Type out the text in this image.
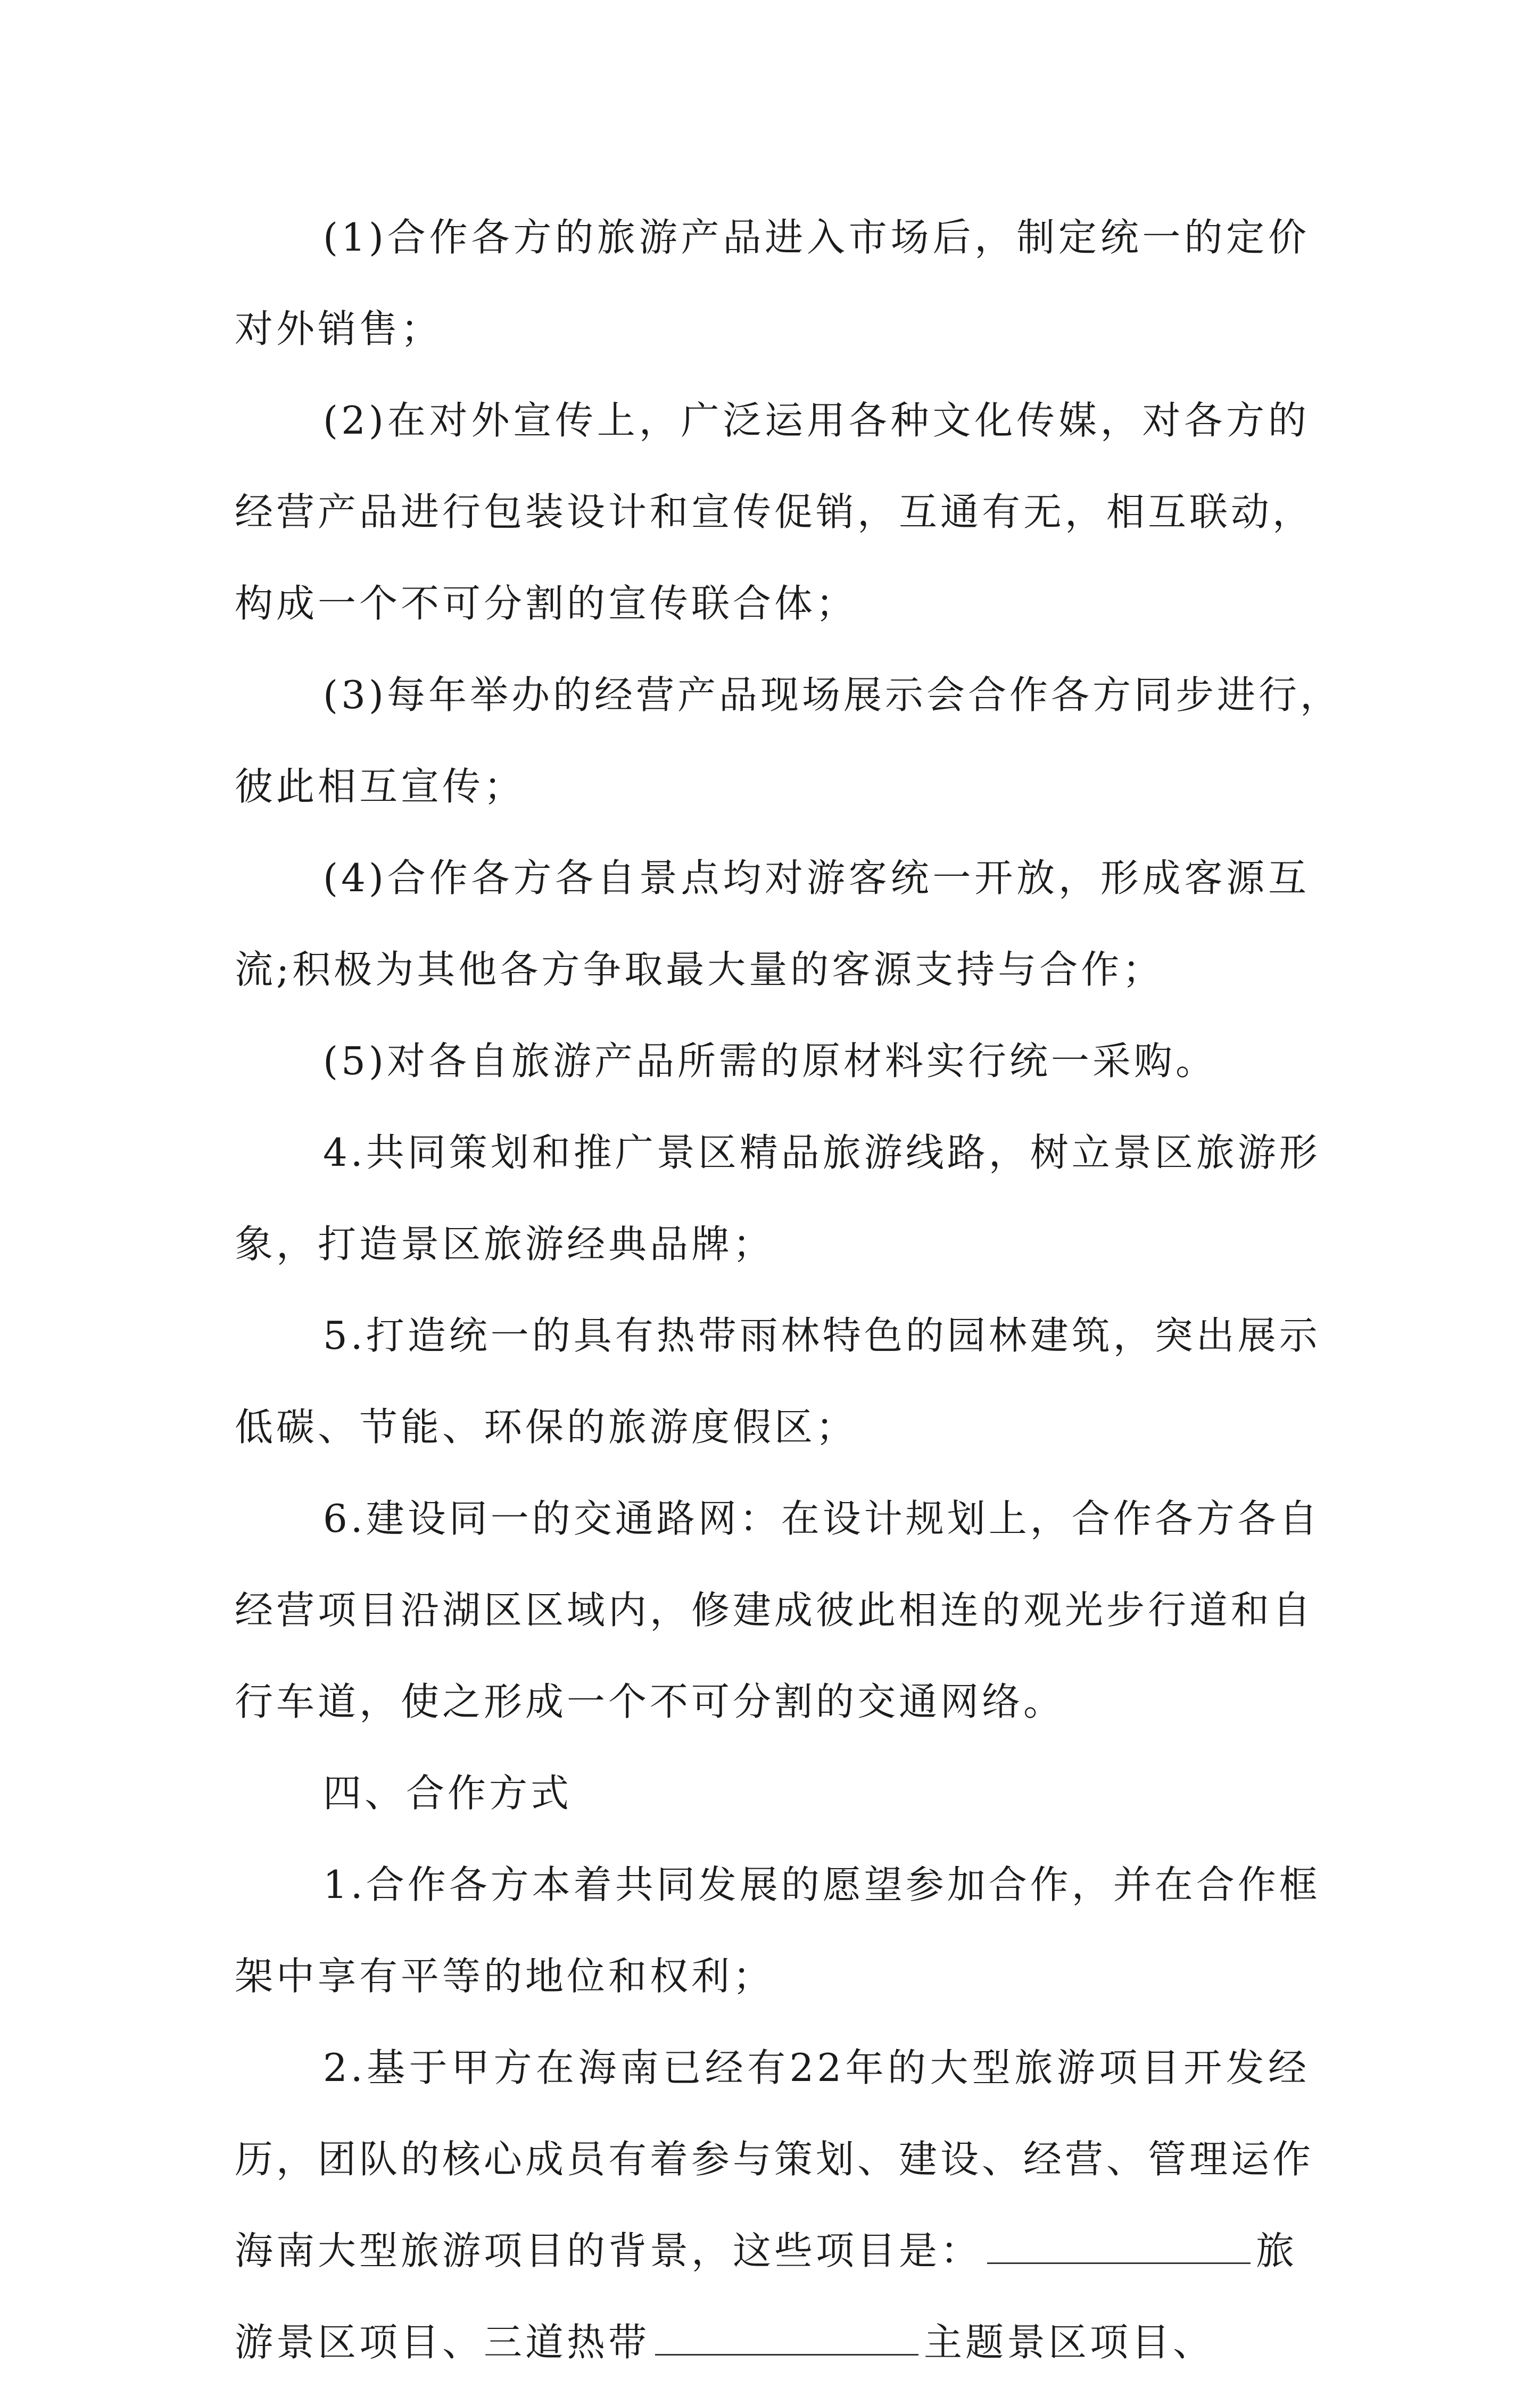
(1)合作各方的旅游产品进入市场后，制定统一的定价
对外销售；
(2)在对外宣传上，广泛运用各种文化传媒，对各方的
经营产品进行包装设计和宣传促销，互通有无，相互联动，
构成一个不可分割的宣传联合体；
(3)每年举办的经营产品现场展示会合作各方同步进行，
彼此相互宣传；
(4)合作各方各自景点均对游客统一开放，形成客源互
流;积极为其他各方争取最大量的客源支持与合作；
(5)对各自旅游产品所需的原材料实行统一采购。
4.共同策划和推广景区精品旅游线路，树立景区旅游形
象，打造景区旅游经典品牌；
5.打造统一的具有热带雨林特色的园林建筑，突出展示
低碳、节能、环保的旅游度假区；
6.建设同一的交通路网：在设计规划上，合作各方各自
经营项目沿湖区区域内，修建成彼此相连的观光步行道和自
行车道，使之形成一个不可分割的交通网络。
四、合作方式
1.合作各方本着共同发展的愿望参加合作，并在合作框
架中享有平等的地位和权利；
2.基于甲方在海南已经有22年的大型旅游项目开发经
历，团队的核心成员有着参与策划、建设、经营、管理运作
海南大型旅游项目的背景，这些项目是：	旅
游景区项目、三道热带	主题景区项目、
